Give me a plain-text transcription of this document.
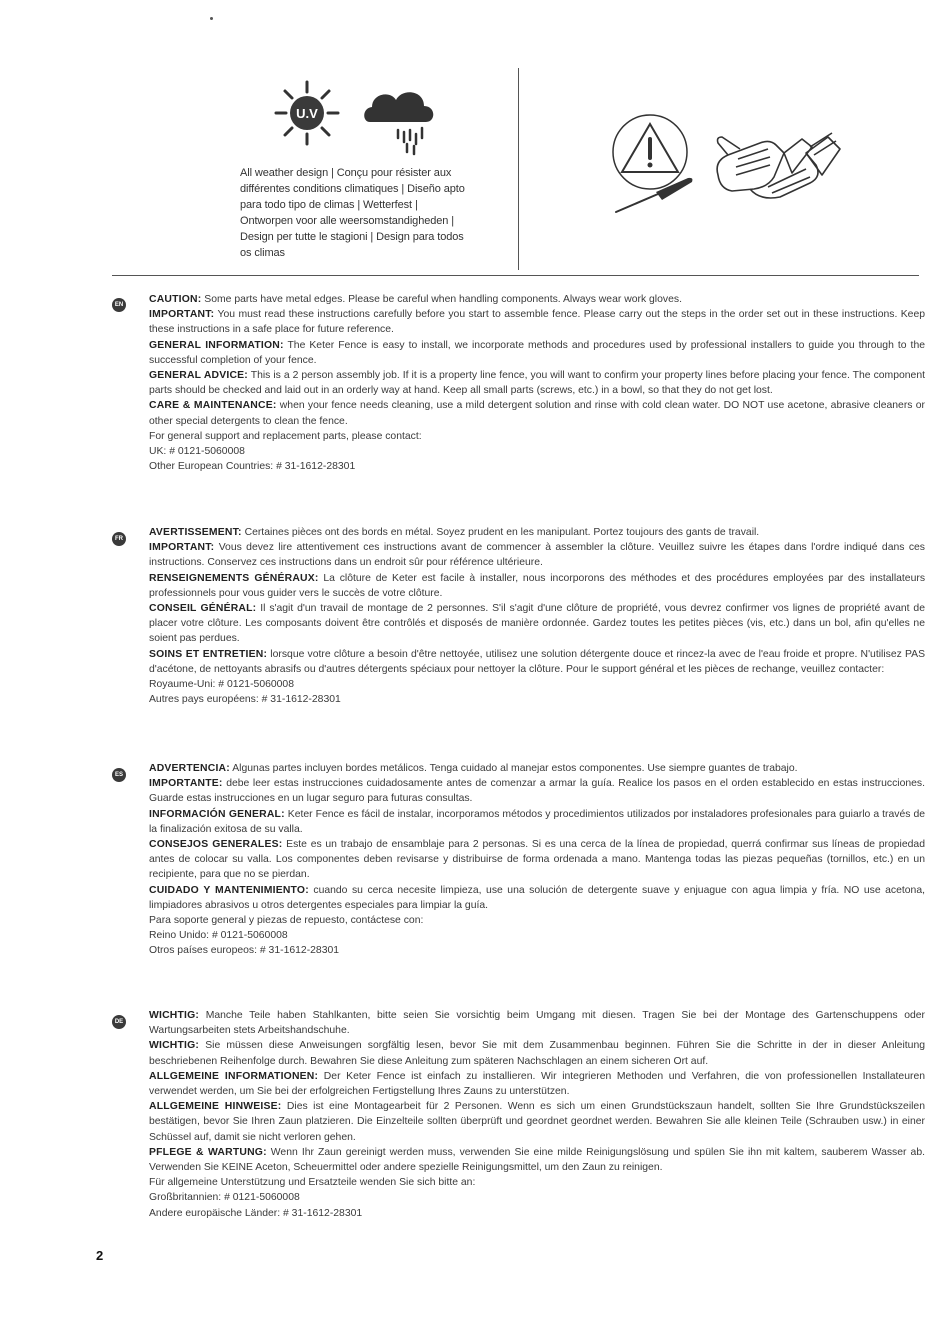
U.V
All weather design | Conçu pour résister aux différentes conditions climatiques | Diseño apto para todo tipo de climas | Wetterfest | Ontworpen voor alle weersomstandigheden | Design per tutte le stagioni | Design para todos os climas
EN CAUTION: Some parts have metal edges. Please be careful when handling components. Always wear work gloves.

IMPORTANT: You must read these instructions carefully before you start to assemble fence. Please carry out the steps in the order set out in these instructions. Keep these instructions in a safe place for future reference.

GENERAL INFORMATION: The Keter Fence is easy to install, we incorporate methods and procedures used by professional installers to guide you through to the successful completion of your fence.

GENERAL ADVICE: This is a 2 person assembly job. If it is a property line fence, you will want to confirm your property lines before placing your fence. The component parts should be checked and laid out in an orderly way at hand. Keep all small parts (screws, etc.) in a bowl, so that they do not get lost.

CARE & MAINTENANCE: when your fence needs cleaning, use a mild detergent solution and rinse with cold clean water. DO NOT use acetone, abrasive cleaners or other special detergents to clean the fence.

For general support and replacement parts, please contact:

UK: # 0121-5060008

Other European Countries: # 31-1612-28301

FR

AVERTISSEMENT: Certaines pièces ont des bords en métal. Soyez prudent en les manipulant. Portez toujours des gants de travail.

IMPORTANT: Vous devez lire attentivement ces instructions avant de commencer à assembler la clôture. Veuillez suivre les étapes dans l'ordre indiqué dans ces instructions. Conservez ces instructions dans un endroit sûr pour référence ultérieure.

RENSEIGNEMENTS GÉNÉRAUX: La clôture de Keter est facile à installer, nous incorporons des méthodes et des procédures employées par des installateurs professionnels pour vous guider vers le succès de votre clôture.

CONSEIL GÉNÉRAL: Il s'agit d'un travail de montage de 2 personnes. S'il s'agit d'une clôture de propriété, vous devrez confirmer vos lignes de propriété avant de placer votre clôture. Les composants doivent être contrôlés et disposés de manière ordonnée. Gardez toutes les petites pièces (vis, etc.) dans un bol, afin qu'elles ne soient pas perdues.

SOINS ET ENTRETIEN: lorsque votre clôture a besoin d'être nettoyée, utilisez une solution détergente douce et rincez-la avec de l'eau froide et propre. N'utilisez PAS d'acétone, de nettoyants abrasifs ou d'autres détergents spéciaux pour nettoyer la clôture. Pour le support général et les pièces de rechange, veuillez contacter:

Royaume-Uni: # 0121-5060008

Autres pays européens: # 31-1612-28301

ES

ADVERTENCIA: Algunas partes incluyen bordes metálicos. Tenga cuidado al manejar estos componentes. Use siempre guantes de trabajo.

IMPORTANTE: debe leer estas instrucciones cuidadosamente antes de comenzar a armar la guía. Realice los pasos en el orden establecido en estas instrucciones. Guarde estas instrucciones en un lugar seguro para futuras consultas.

INFORMACIÓN GENERAL: Keter Fence es fácil de instalar, incorporamos métodos y procedimientos utilizados por instaladores profesionales para guiarlo a través de la finalización exitosa de su valla.

CONSEJOS GENERALES: Este es un trabajo de ensamblaje para 2 personas. Si es una cerca de la línea de propiedad, querrá confirmar sus líneas de propiedad antes de colocar su valla. Los componentes deben revisarse y distribuirse de forma ordenada a mano. Mantenga todas las piezas pequeñas (tornillos, etc.) en un recipiente, para que no se pierdan.

CUIDADO Y MANTENIMIENTO: cuando su cerca necesite limpieza, use una solución de detergente suave y enjuague con agua limpia y fría. NO use acetona, limpiadores abrasivos u otros detergentes especiales para limpiar la guía.

Para soporte general y piezas de repuesto, contáctese con:

Reino Unido: # 0121-5060008

Otros países europeos: # 31-1612-28301

DE

WICHTIG: Manche Teile haben Stahlkanten, bitte seien Sie vorsichtig beim Umgang mit diesen. Tragen Sie bei der Montage des Gartenschuppens oder Wartungsarbeiten stets Arbeitshandschuhe.

WICHTIG: Sie müssen diese Anweisungen sorgfältig lesen, bevor Sie mit dem Zusammenbau beginnen. Führen Sie die Schritte in der in dieser Anleitung beschriebenen Reihenfolge durch. Bewahren Sie diese Anleitung zum späteren Nachschlagen an einem sicheren Ort auf.

ALLGEMEINE INFORMATIONEN: Der Keter Fence ist einfach zu installieren. Wir integrieren Methoden und Verfahren, die von professionellen Installateuren verwendet werden, um Sie bei der erfolgreichen Fertigstellung Ihres Zauns zu unterstützen.

ALLGEMEINE HINWEISE: Dies ist eine Montagearbeit für 2 Personen. Wenn es sich um einen Grundstückszaun handelt, sollten Sie Ihre Grundstückszeilen bestätigen, bevor Sie Ihren Zaun platzieren. Die Einzelteile sollten überprüft und geordnet geordnet werden. Bewahren Sie alle kleinen Teile (Schrauben usw.) in einer Schüssel auf, damit sie nicht verloren gehen.

PFLEGE & WARTUNG: Wenn Ihr Zaun gereinigt werden muss, verwenden Sie eine milde Reinigungslösung und spülen Sie ihn mit kaltem, sauberem Wasser ab. Verwenden Sie KEINE Aceton, Scheuermittel oder andere spezielle Reinigungsmittel, um den Zaun zu reinigen.

Für allgemeine Unterstützung und Ersatzteile wenden Sie sich bitte an:

Großbritannien: # 0121-5060008

Andere europäische Länder: # 31-1612-28301

2
